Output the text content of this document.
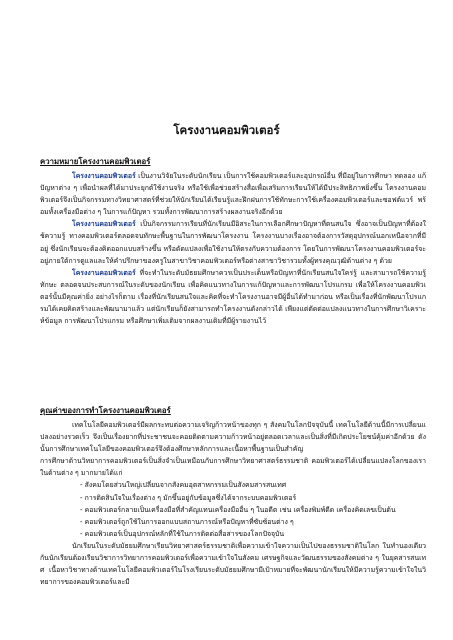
โครงงานคอมพิวเตอร์
ความหมายโครงงานคอมพิวเตอร์

โครงงานคอมพิวเตอร์ เป็นงานวิจัยในระดับนักเรียน เป็นการใช้คอมพิวเตอร์และอุปกรณ์อื่น ที่มีอยู่ในการศึกษา ทดลอง แก้ปัญหาต่าง ๆ เพื่อนำผลที่ได้มาประยุกต์ใช้งานจริง หรือใช้เพื่อช่วยสร้างสื่อเพื่อเสริมการเรียนให้ได้มีประสิทธิภาพยิ่งขึ้น โครงงานคอมพิวเตอร์จึงเป็นกิจกรรมทางวิทยาศาสตร์ที่ช่วยให้นักเรียนได้เรียนรู้และฝึกฝนการใช้ทักษะการใช้เครื่องคอมพิวเตอร์และซอฟต์แวร์ พร้อมทั้งเครื่องมือต่าง ๆ ในการแก้ปัญหา รวมทั้งการพัฒนาการสร้างผลงานจริงอีกด้วย

โครงงานคอมพิวเตอร์ เป็นกิจกรรมการเรียนที่นักเรียนมีอิสระในการเลือกศึกษาปัญหาที่ตนสนใจ ซึ่งอาจเป็นปัญหาที่ต้องใช้ความรู้ ทางคอมพิวเตอร์ตลอดจนทักษะพื้นฐานในการพัฒนาโครงงาน โครงงานบางเรื่องอาจต้องการวัสดุอุปกรณ์นอกเหนือจากที่มีอยู่ ซึ่งนักเรียนจะต้องคิดออกแบบสร้างขึ้น หรือดัดแปลงเพื่อใช้งานให้ตรงกับความต้องการ โดยในการพัฒนาโครงงานคอมพิวเตอร์จะอยู่ภายใต้การดูแลและให้คำปรึกษาของครูในสาขาวิชาคอมพิวเตอร์หรือต่างสาขาวิชารวมทั้งผู้ทรงคุณวุฒิด้านต่าง ๆ ด้วย

โครงงานคอมพิวเตอร์ ที่จะทำในระดับมัธยมศึกษาควรเป็นประเด็นหรือปัญหาที่นักเรียนสนใจใคร่รู้ และสามารถใช้ความรู้ ทักษะ ตลอดจนประสบการณ์ในระดับของนักเรียน เพื่อคิดแนวทางในการแก้ปัญหาและการพัฒนาโปรแกรม เพื่อให้โครงงานคอมพิวเตอร์นั้นมีคุณค่ายิ่ง อย่างไรก็ตาม เรื่องที่นักเรียนสนใจและคิดที่จะทำโครงงานอาจมีผู้อื่นได้ทำมาก่อน หรือเป็นเรื่องที่นักพัฒนาโปรแกรมได้เคยคิดสร้างและพัฒนามาแล้ว แต่นักเรียนก็ยังสามารถทำโครงงานดังกล่าวได้ เพียงแต่ตัดต่อแปลงแนวทางในการศึกษาวิเคราะห์ข้อมูล การพัฒนาโปรแกรม หรือศึกษาเพิ่มเติมจากผลงานเดิมที่มีผู้รายงานไว้

คุณค่าของการทำโครงงานคอมพิวเตอร์

เทคโนโลยีคอมพิวเตอร์มีผลกระทบต่อความเจริญก้าวหน้าของทุก ๆ สังคมในโลกปัจจุบันนี้ เทคโนโลยีด้านนี้มีการเปลี่ยนแปลงอย่างรวดเร็ว จึงเป็นเรื่องยากที่ประชาชนจะคอยติดตามความก้าวหน้าอยู่ตลอดเวลาและเป็นสิ่งที่มีเกิดประโยชน์คุ้มค่าอีกด้วย ดังนั้นการศึกษาเทคโนโลยีของคอมพิวเตอร์จึงต้องศึกษาหลักการและเนื้อหาพื้นฐานเป็นสำคัญ

การศึกษาด้านวิทยาการคอมพิวเตอร์เป็นสิ่งจำเป็นเหมือนกับการศึกษาวิทยาศาสตร์ธรรมชาติ คอมพิวเตอร์ได้เปลี่ยนแปลงโลกของเราในด้านต่าง ๆ มากมายได้แก่

- สังคมโดยส่วนใหญ่เปลี่ยนจากสังคมอุตสาหกรรมเป็นสังคมสารสนเทศ

- การติดสินใจในเรื่องต่าง ๆ มักขึ้นอยู่กับข้อมูลซึ่งได้จากระบบคอมพิวเตอร์

- คอมพิวเตอร์กลายเป็นเครื่องมือที่สำคัญแทนเครื่องมืออื่น ๆ ในอดีต เช่น เครื่องพิมพ์ดีด เครื่องคิดเลขเป็นต้น

- คอมพิวเตอร์ถูกใช้ในการออกแบบสถานการณ์หรือปัญหาที่ซับซ้อนต่าง ๆ

- คอมพิวเตอร์เป็นอุปกรณ์หลักที่ใช้ในการติดต่อสื่อสารของโลกปัจจุบัน

นักเรียนในระดับมัธยมศึกษาเรียนวิทยาศาสตร์ธรรมชาติเพื่อความเข้าใจความเป็นไปของธรรมชาติในโลก ในทำนองเดียวกันนักเรียนต้องเรียนวิชาการวิทยาการคอมพิวเตอร์เพื่อความเข้าใจในสังคม เศรษฐกิจและวัฒนธรรมของสังคมต่าง ๆ ในยุคสารสนเทศ เนื้อหาวิชาทางด้านเทคโนโลยีคอมพิวเตอร์ในโรงเรียนระดับมัธยมศึกษามีเป้าหมายที่จะพัฒนานักเรียนให้มีความรู้ความเข้าใจในวิทยาการของคอมพิวเตอร์และมี
